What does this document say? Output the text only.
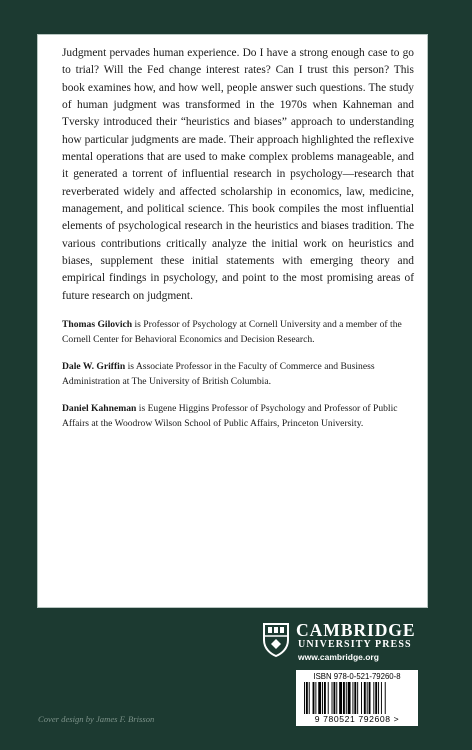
Judgment pervades human experience. Do I have a strong enough case to go to trial? Will the Fed change interest rates? Can I trust this person? This book examines how, and how well, people answer such questions. The study of human judgment was transformed in the 1970s when Kahneman and Tversky introduced their “heuristics and biases” approach to understanding how particular judgments are made. Their approach highlighted the reflexive mental operations that are used to make complex problems manageable, and it generated a torrent of influential research in psychology—research that reverberated widely and affected scholarship in economics, law, medicine, management, and political science. This book compiles the most influential elements of psychological research in the heuristics and biases tradition. The various contributions critically analyze the initial work on heuristics and biases, supplement these initial statements with emerging theory and empirical findings in psychology, and point to the most promising areas of future research on judgment.

Thomas Gilovich is Professor of Psychology at Cornell University and a member of the Cornell Center for Behavioral Economics and Decision Research.

Dale W. Griffin is Associate Professor in the Faculty of Commerce and Business Administration at The University of British Columbia.

Daniel Kahneman is Eugene Higgins Professor of Psychology and Professor of Public Affairs at the Woodrow Wilson School of Public Affairs, Princeton University.

CAMBRIDGE
UNIVERSITY PRESS
www.cambridge.org
ISBN 978-0-521-79260-8
9 780521 792608 >
Cover design by James F. Brisson
